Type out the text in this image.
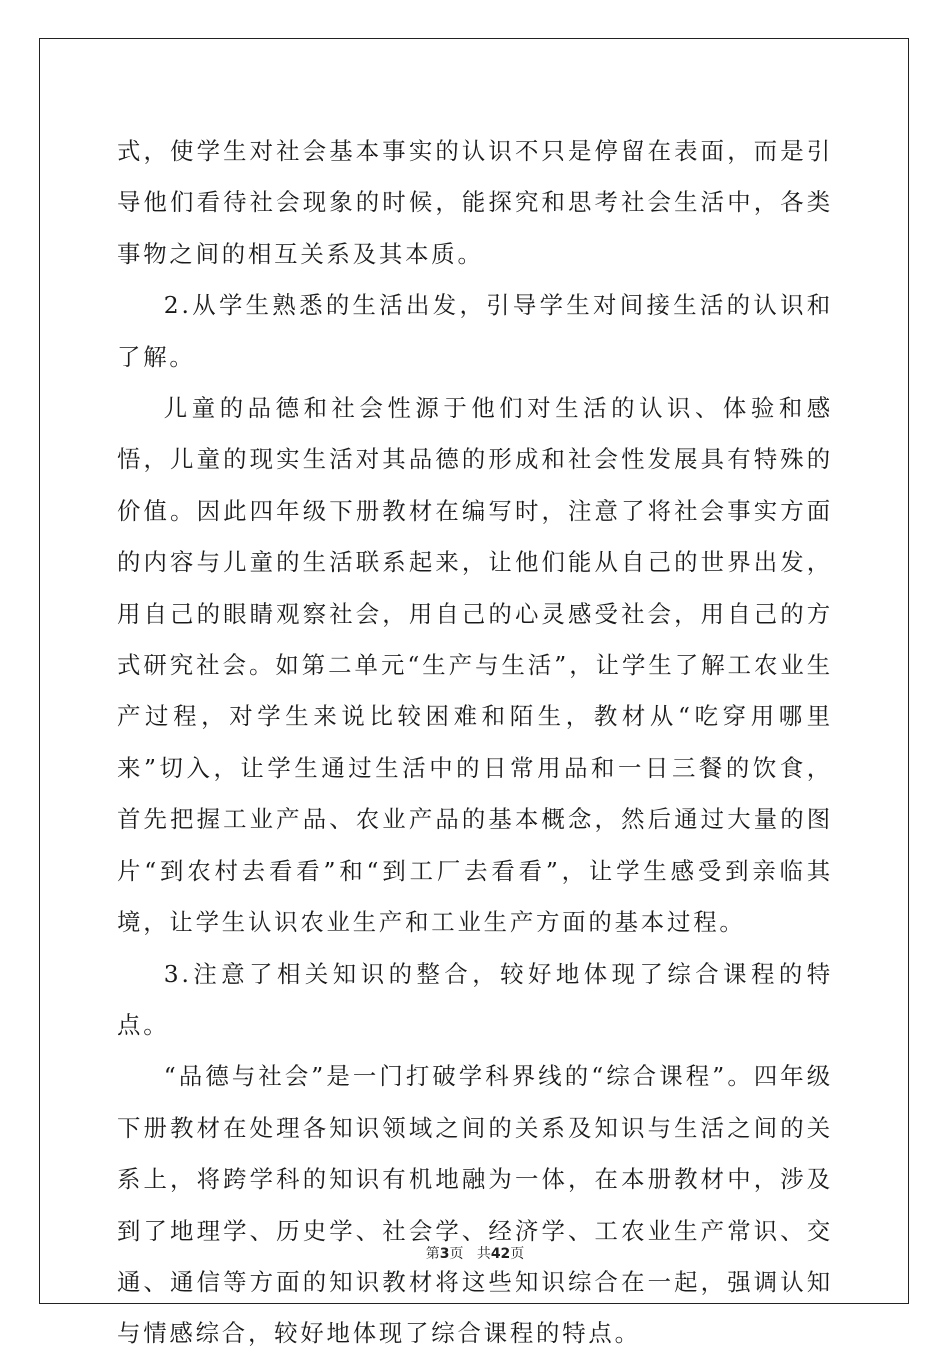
式，使学生对社会基本事实的认识不只是停留在表面，而是引导他们看待社会现象的时候，能探究和思考社会生活中，各类事物之间的相互关系及其本质。

2.从学生熟悉的生活出发，引导学生对间接生活的认识和了解。

儿童的品德和社会性源于他们对生活的认识、体验和感悟，儿童的现实生活对其品德的形成和社会性发展具有特殊的价值。因此四年级下册教材在编写时，注意了将社会事实方面的内容与儿童的生活联系起来，让他们能从自己的世界出发，用自己的眼睛观察社会，用自己的心灵感受社会，用自己的方式研究社会。如第二单元“生产与生活”，让学生了解工农业生产过程，对学生来说比较困难和陌生，教材从“吃穿用哪里来”切入，让学生通过生活中的日常用品和一日三餐的饮食，首先把握工业产品、农业产品的基本概念，然后通过大量的图片“到农村去看看”和“到工厂去看看”，让学生感受到亲临其境，让学生认识农业生产和工业生产方面的基本过程。

3.注意了相关知识的整合，较好地体现了综合课程的特点。

“品德与社会”是一门打破学科界线的“综合课程”。四年级下册教材在处理各知识领域之间的关系及知识与生活之间的关系上，将跨学科的知识有机地融为一体，在本册教材中，涉及到了地理学、历史学、社会学、经济学、工农业生产常识、交通、通信等方面的知识教材将这些知识综合在一起，强调认知与情感综合，较好地体现了综合课程的特点。

第3页 共42页
